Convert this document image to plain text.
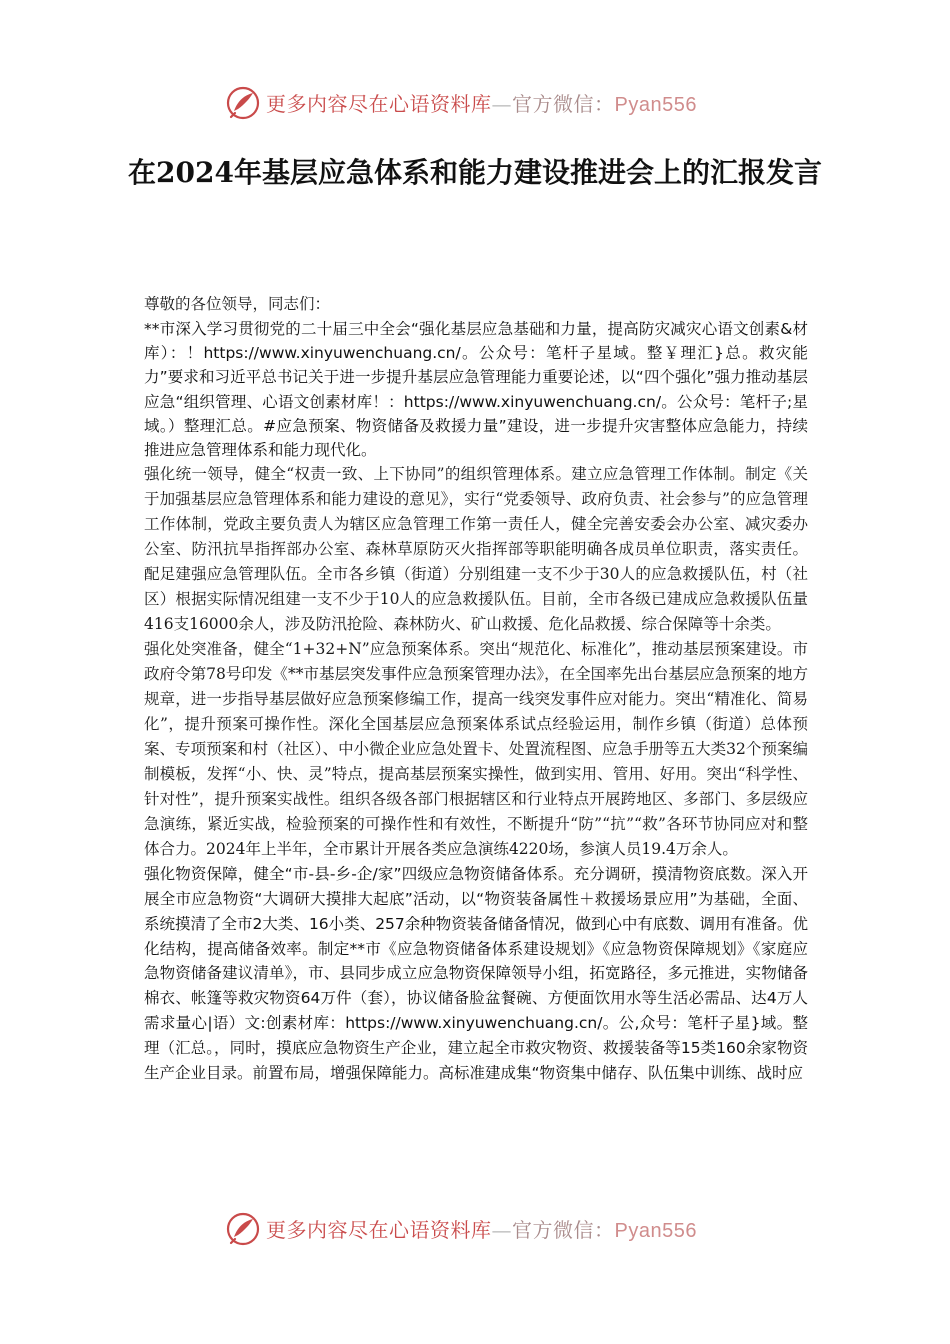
更多内容尽在心语资料库—官方微信：Pyan556
在2024年基层应急体系和能力建设推进会上的汇报发言

尊敬的各位领导，同志们：

**市深入学习贯彻党的二十届三中全会“强化基层应急基础和力量，提高防灾减灾心语文创素&材库）：！https://www.xinyuwenchuang.cn/。公众号：笔杆子星域。整￥理汇}总。救灾能力”要求和习近平总书记关于进一步提升基层应急管理能力重要论述，以“四个强化”强力推动基层应急“组织管理、心语文创素材库！：https://www.xinyuwenchuang.cn/。公众号：笔杆子;星域。）整理汇总。#应急预案、物资储备及救援力量”建设，进一步提升灾害整体应急能力，持续推进应急管理体系和能力现代化。

强化统一领导，健全“权责一致、上下协同”的组织管理体系。建立应急管理工作体制。制定《关于加强基层应急管理体系和能力建设的意见》，实行“党委领导、政府负责、社会参与”的应急管理工作体制，党政主要负责人为辖区应急管理工作第一责任人，健全完善安委会办公室、减灾委办公室、防汛抗旱指挥部办公室、森林草原防灭火指挥部等职能明确各成员单位职责，落实责任。配足建强应急管理队伍。全市各乡镇（街道）分别组建一支不少于30人的应急救援队伍，村（社区）根据实际情况组建一支不少于10人的应急救援队伍。目前，全市各级已建成应急救援队伍量416支16000余人，涉及防汛抢险、森林防火、矿山救援、危化品救援、综合保障等十余类。

强化处突准备，健全“1+32+N”应急预案体系。突出“规范化、标准化”，推动基层预案建设。市政府令第78号印发《**市基层突发事件应急预案管理办法》，在全国率先出台基层应急预案的地方规章，进一步指导基层做好应急预案修编工作，提高一线突发事件应对能力。突出“精准化、简易化”，提升预案可操作性。深化全国基层应急预案体系试点经验运用，制作乡镇（街道）总体预案、专项预案和村（社区）、中小微企业应急处置卡、处置流程图、应急手册等五大类32个预案编制模板，发挥“小、快、灵”特点，提高基层预案实操性，做到实用、管用、好用。突出“科学性、针对性”，提升预案实战性。组织各级各部门根据辖区和行业特点开展跨地区、多部门、多层级应急演练，紧近实战，检验预案的可操作性和有效性，不断提升“防”“抗”“救”各环节协同应对和整体合力。2024年上半年，全市累计开展各类应急演练4220场，参演人员19.4万余人。

强化物资保障，健全“市-县-乡-企/家”四级应急物资储备体系。充分调研，摸清物资底数。深入开展全市应急物资“大调研大摸排大起底”活动，以“物资装备属性＋救援场景应用”为基础，全面、系统摸清了全市2大类、16小类、257余种物资装备储备情况，做到心中有底数、调用有准备。优化结构，提高储备效率。制定**市《应急物资储备体系建设规划》《应急物资保障规划》《家庭应急物资储备建议清单》，市、县同步成立应急物资保障领导小组，拓宽路径，多元推进，实物储备棉衣、帐篷等救灾物资64万件（套），协议储备脸盆餐碗、方便面饮用水等生活必需品、达4万人需求量心|语）文:创素材库：https://www.xinyuwenchuang.cn/。公,众号：笔杆子星}域。整理（汇总。，同时，摸底应急物资生产企业，建立起全市救灾物资、救援装备等15类160余家物资生产企业目录。前置布局，增强保障能力。高标准建成集“物资集中储存、队伍集中训练、战时应

更多内容尽在心语资料库—官方微信：Pyan556
